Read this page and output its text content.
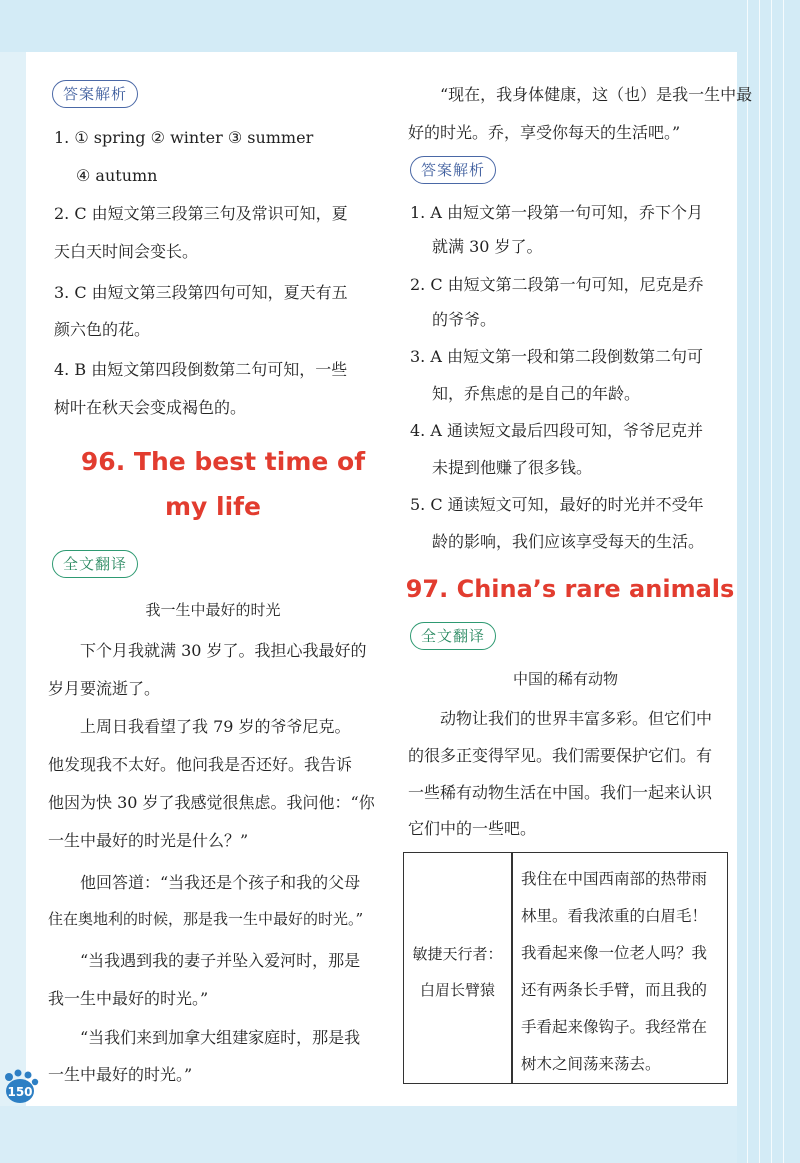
答案解析
1. ① spring ② winter ③ summer
④ autumn
2. C 由短文第三段第三句及常识可知，夏
天白天时间会变长。
3. C 由短文第三段第四句可知，夏天有五
颜六色的花。
4. B 由短文第四段倒数第二句可知，一些
树叶在秋天会变成褐色的。
96. The best time of
my life
全文翻译
我一生中最好的时光
下个月我就满 30 岁了。我担心我最好的
岁月要流逝了。
上周日我看望了我 79 岁的爷爷尼克。
他发现我不太好。他问我是否还好。我告诉
他因为快 30 岁了我感觉很焦虑。我问他：“你
一生中最好的时光是什么？”
他回答道：“当我还是个孩子和我的父母
住在奥地利的时候，那是我一生中最好的时光。”
“当我遇到我的妻子并坠入爱河时，那是
我一生中最好的时光。”
“当我们来到加拿大组建家庭时，那是我
一生中最好的时光。”
“现在，我身体健康，这（也）是我一生中最
好的时光。乔，享受你每天的生活吧。”
答案解析
1. A 由短文第一段第一句可知，乔下个月
就满 30 岁了。
2. C 由短文第二段第一句可知，尼克是乔
的爷爷。
3. A 由短文第一段和第二段倒数第二句可
知，乔焦虑的是自己的年龄。
4. A 通读短文最后四段可知，爷爷尼克并
未提到他赚了很多钱。
5. C 通读短文可知，最好的时光并不受年
龄的影响，我们应该享受每天的生活。
97. China’s rare animals
全文翻译
中国的稀有动物
动物让我们的世界丰富多彩。但它们中
的很多正变得罕见。我们需要保护它们。有
一些稀有动物生活在中国。我们一起来认识
它们中的一些吧。
敏捷天行者：
白眉长臂猿
我住在中国西南部的热带雨
林里。看我浓重的白眉毛！
我看起来像一位老人吗？我
还有两条长手臂，而且我的
手看起来像钩子。我经常在
树木之间荡来荡去。
150
